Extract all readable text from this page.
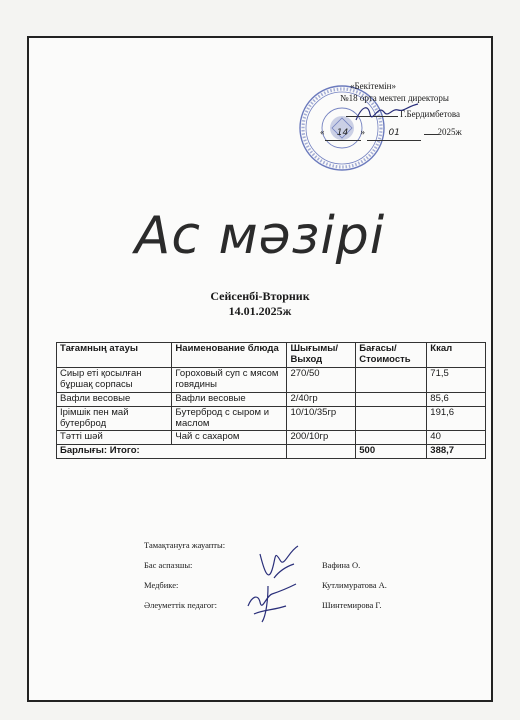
«Бекітемін»
№18 орта мектеп директоры
Г.Бердимбетова
« 14 » 01	2025ж
Ас мәзірі
Сейсенбі-Вторник
14.01.2025ж
Тағамның атауы	Наименование блюда	Шығымы/ Выход	Бағасы/ Стоимость	Ккал
Сиыр еті қосылған бұршақ сорпасы	Гороховый суп с мясом говядины	270/50		71,5
Вафли весовые	Вафли весовые	2/40гр		85,6
Ірімшік пен май бутерброд	Бутерброд с сыром и маслом	10/10/35гр		191,6
Тәтті шәй	Чай с сахаром	200/10гр		40
Барлығы: Итого:			500	388,7
Тамақтануға жауапты:
Бас аспазшы:	Вафина О.
Медбике:	Кутлимуратова А.
Әлеуметтік педагог:	Шинтемирова Г.
